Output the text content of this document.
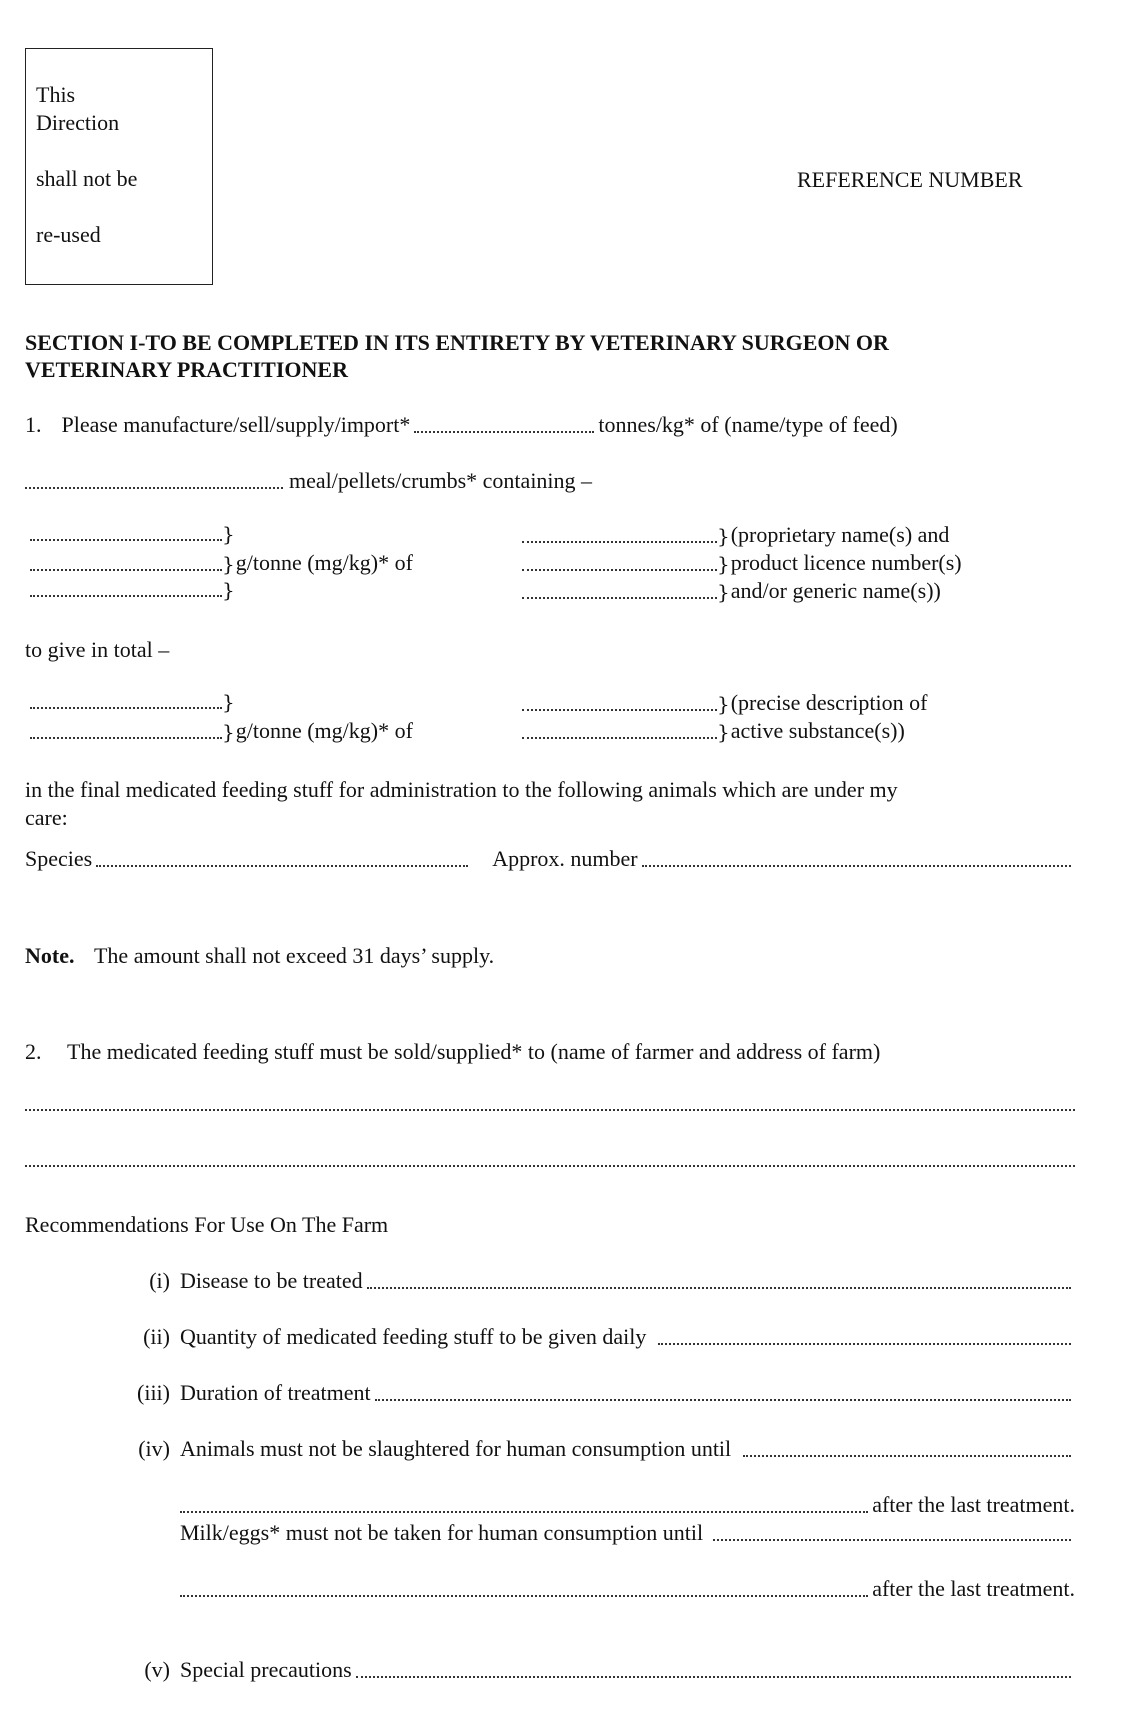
This
Direction
shall not be
re-used
REFERENCE NUMBER
SECTION I-TO BE COMPLETED IN ITS ENTIRETY BY VETERINARY SURGEON OR
VETERINARY PRACTITIONER
1. Please manufacture/sell/supply/import*	tonnes/kg* of (name/type of feed)
meal/pellets/crumbs* containing –
}
} g/tonne (mg/kg)* of
}
} (proprietary name(s) and
} product licence number(s)
} and/or generic name(s))
to give in total –
}
} g/tonne (mg/kg)* of
} (precise description of
} active substance(s))
in the final medicated feeding stuff for administration to the following animals which are under my
care:
Species	Approx. number
Note. The amount shall not exceed 31 days’ supply.
2. The medicated feeding stuff must be sold/supplied* to (name of farmer and address of farm)
Recommendations For Use On The Farm
(i) Disease to be treated
(ii) Quantity of medicated feeding stuff to be given daily
(iii) Duration of treatment
(iv) Animals must not be slaughtered for human consumption until
after the last treatment.
Milk/eggs* must not be taken for human consumption until
after the last treatment.
(v) Special precautions
